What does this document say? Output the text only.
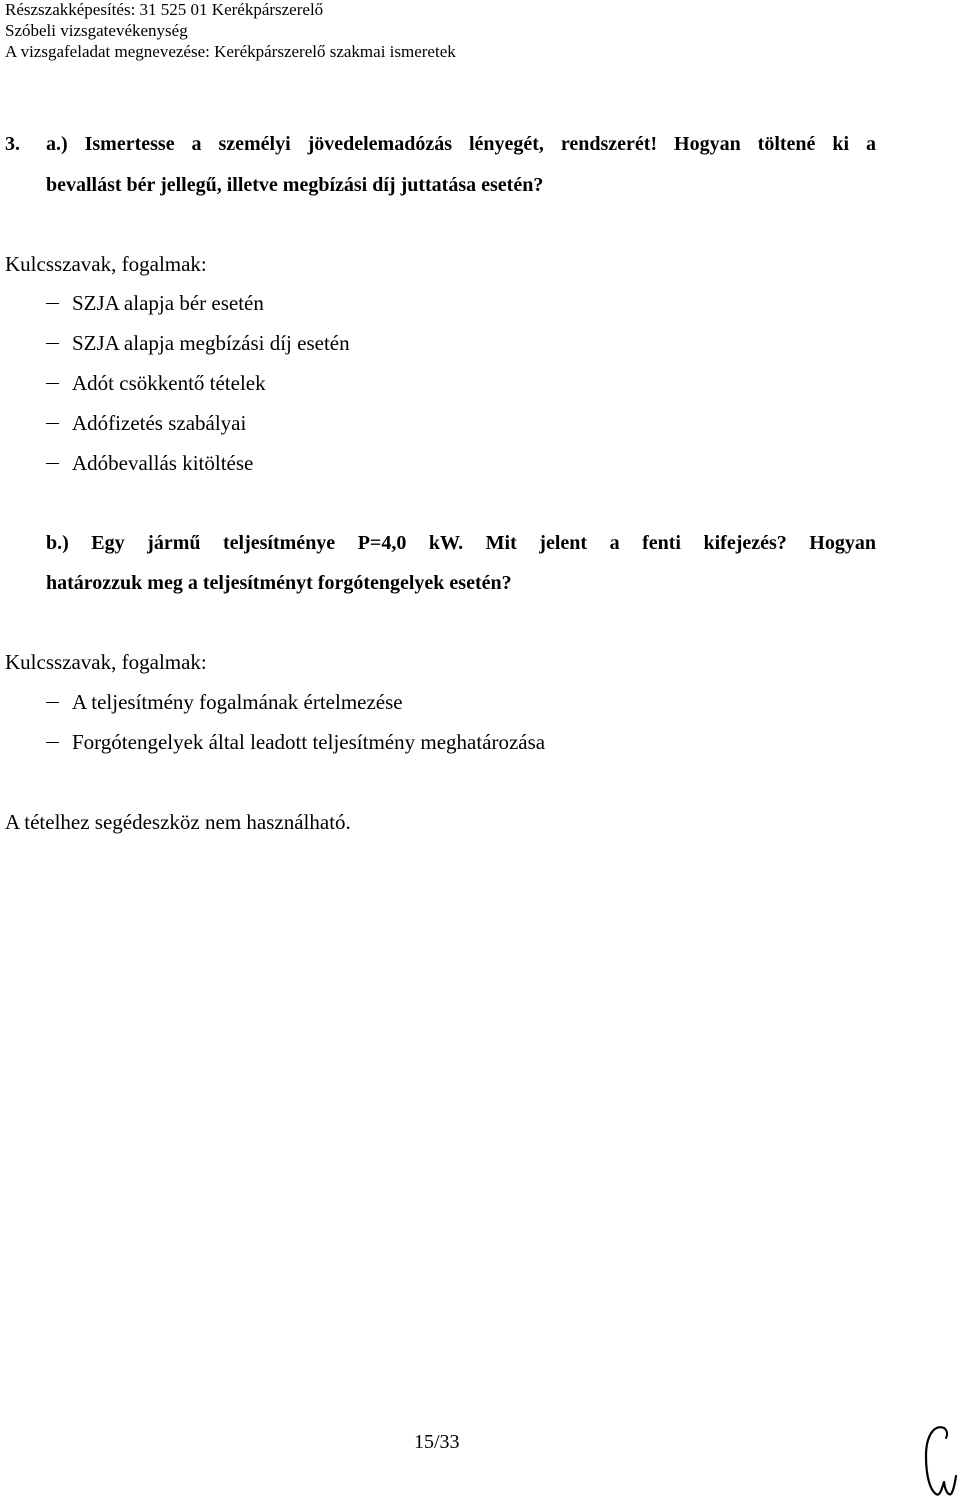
Részszakképesítés: 31 525 01 Kerékpárszerelő
Szóbeli vizsgatevékenység
A vizsgafeladat megnevezése: Kerékpárszerelő szakmai ismeretek
3. a.) Ismertesse a személyi jövedelemadózás lényegét, rendszerét! Hogyan töltené ki a
bevallást bér jellegű, illetve megbízási díj juttatása esetén?
Kulcsszavak, fogalmak:
SZJA alapja bér esetén
SZJA alapja megbízási díj esetén
Adót csökkentő tételek
Adófizetés szabályai
Adóbevallás kitöltése
b.) Egy jármű teljesítménye P=4,0 kW. Mit jelent a fenti kifejezés? Hogyan
határozzuk meg a teljesítményt forgótengelyek esetén?
Kulcsszavak, fogalmak:
A teljesítmény fogalmának értelmezése
Forgótengelyek által leadott teljesítmény meghatározása
A tételhez segédeszköz nem használható.
15/33
